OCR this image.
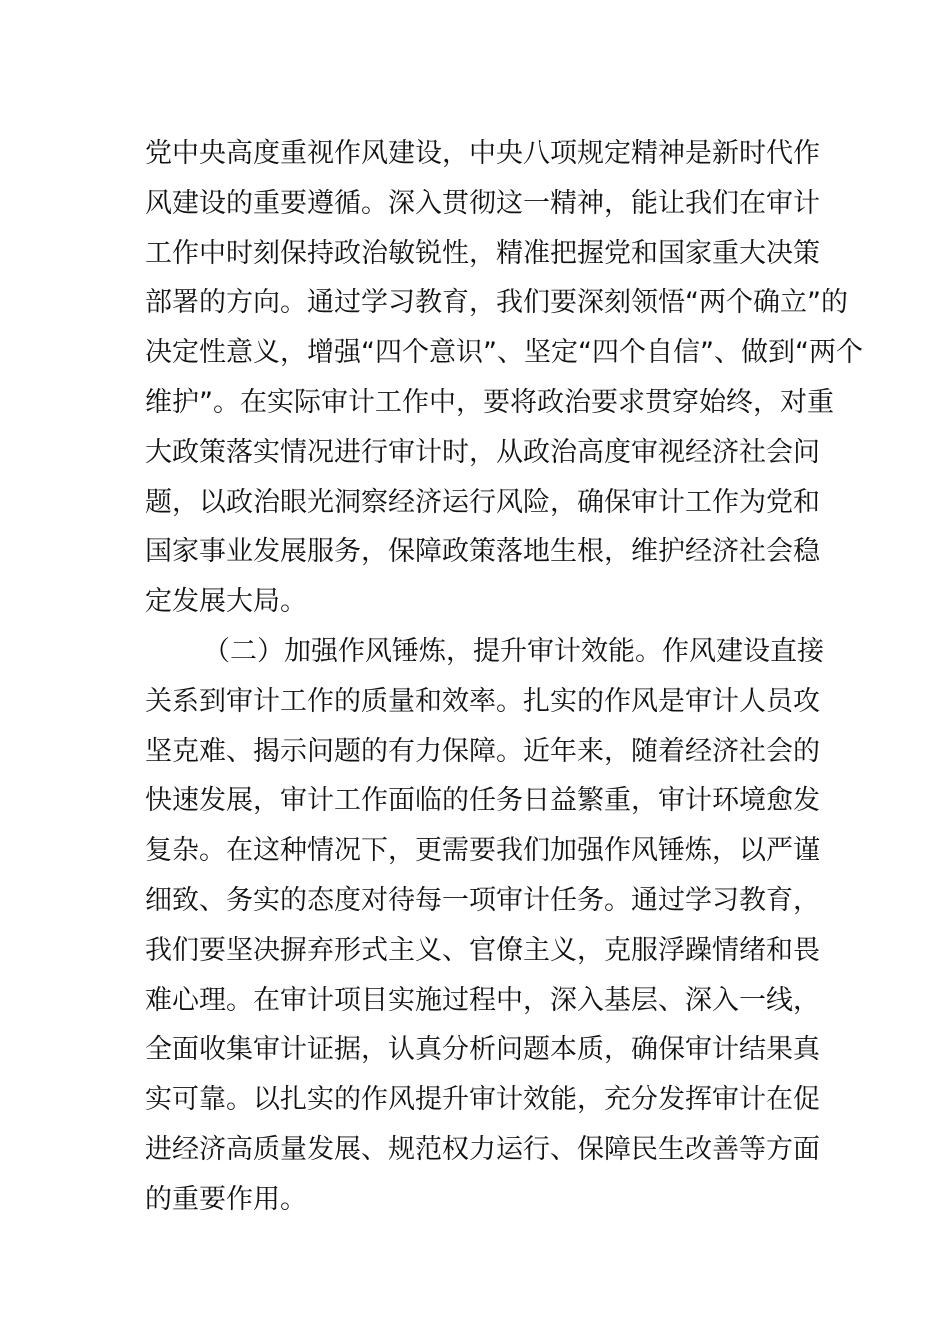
党中央高度重视作风建设，中央八项规定精神是新时代作
风建设的重要遵循。深入贯彻这一精神，能让我们在审计
工作中时刻保持政治敏锐性，精准把握党和国家重大决策
部署的方向。通过学习教育，我们要深刻领悟“两个确立”的
决定性意义，增强“四个意识”、坚定“四个自信”、做到“两个
维护”。在实际审计工作中，要将政治要求贯穿始终，对重
大政策落实情况进行审计时，从政治高度审视经济社会问
题，以政治眼光洞察经济运行风险，确保审计工作为党和
国家事业发展服务，保障政策落地生根，维护经济社会稳
定发展大局。
（二）加强作风锤炼，提升审计效能。作风建设直接
关系到审计工作的质量和效率。扎实的作风是审计人员攻
坚克难、揭示问题的有力保障。近年来，随着经济社会的
快速发展，审计工作面临的任务日益繁重，审计环境愈发
复杂。在这种情况下，更需要我们加强作风锤炼，以严谨
细致、务实的态度对待每一项审计任务。通过学习教育，
我们要坚决摒弃形式主义、官僚主义，克服浮躁情绪和畏
难心理。在审计项目实施过程中，深入基层、深入一线，
全面收集审计证据，认真分析问题本质，确保审计结果真
实可靠。以扎实的作风提升审计效能，充分发挥审计在促
进经济高质量发展、规范权力运行、保障民生改善等方面
的重要作用。
